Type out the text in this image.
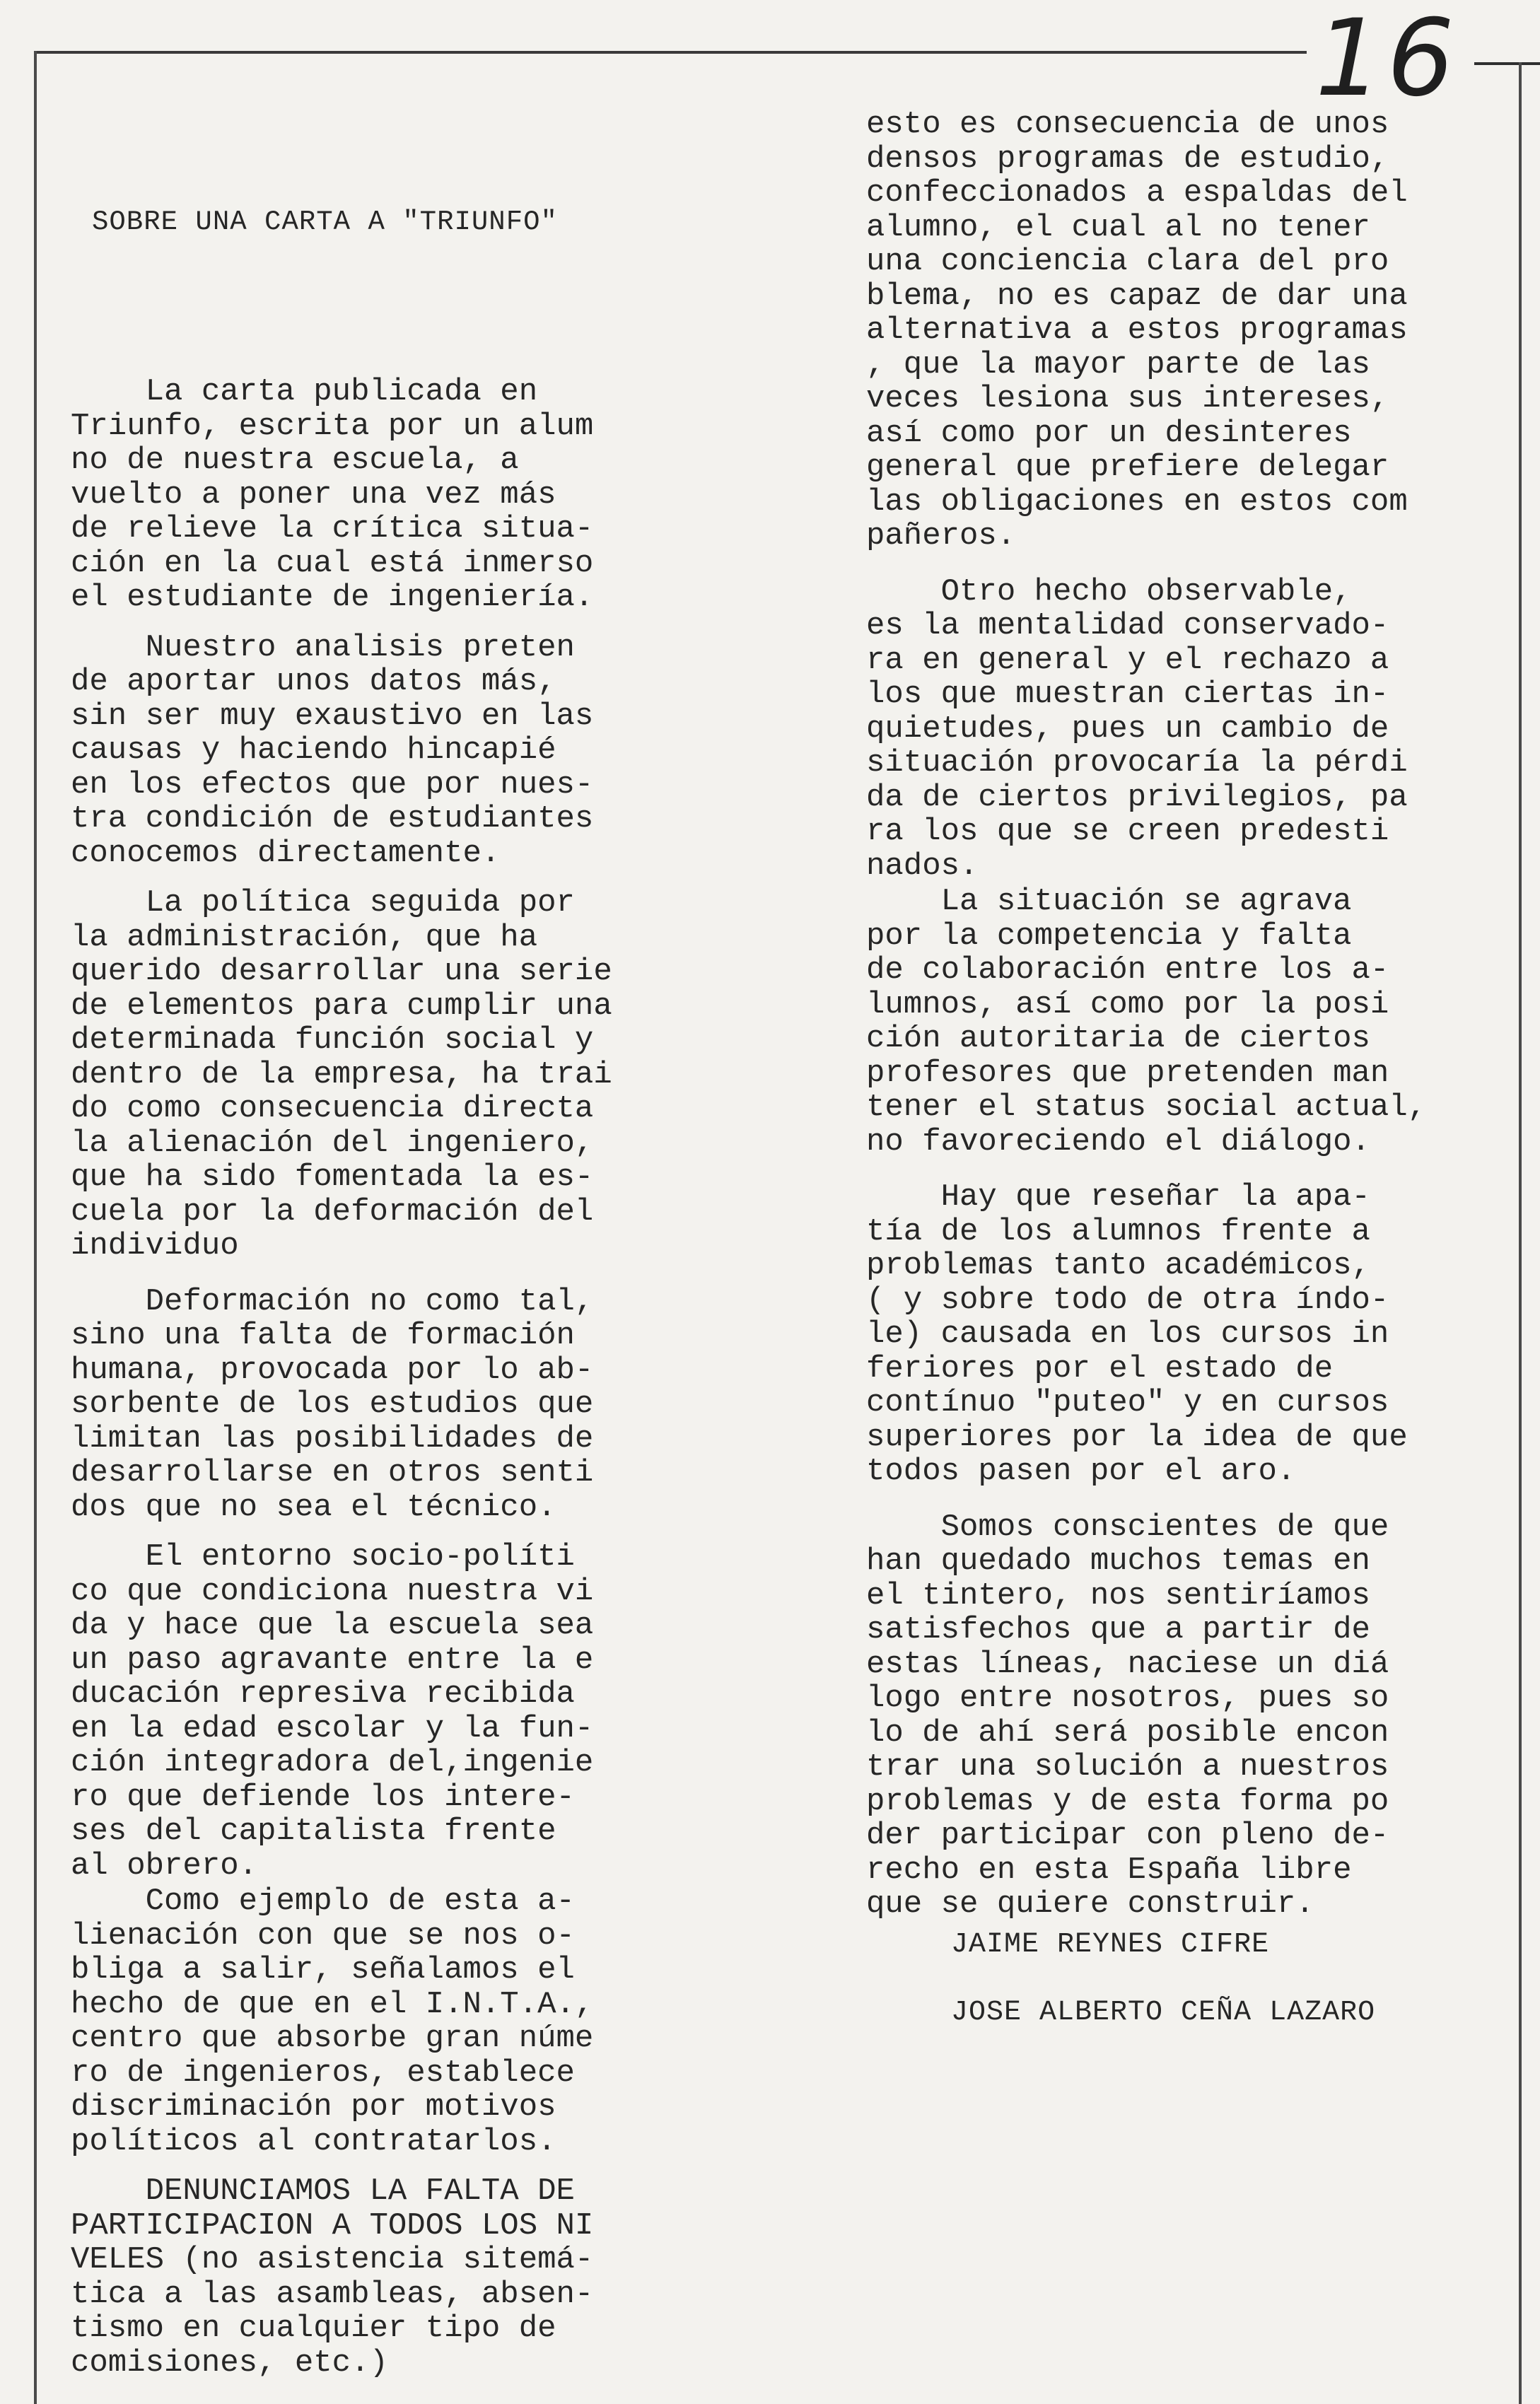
16
SOBRE UNA CARTA A "TRIUNFO"
La carta publicada en
Triunfo, escrita por un alum
no de nuestra escuela, a
vuelto a poner una vez más
de relieve la crítica situa-
ción en la cual está inmerso
el estudiante de ingeniería.
Nuestro analisis preten
de aportar unos datos más,
sin ser muy exaustivo en las
causas y haciendo hincapié
en los efectos que por nues-
tra condición de estudiantes
conocemos directamente.
La política seguida por
la administración, que ha
querido desarrollar una serie
de elementos para cumplir una
determinada función social y
dentro de la empresa, ha trai
do como consecuencia directa
la alienación del ingeniero,
que ha sido fomentada la es-
cuela por la deformación del
individuo
Deformación no como tal,
sino una falta de formación
humana, provocada por lo ab-
sorbente de los estudios que
limitan las posibilidades de
desarrollarse en otros senti
dos que no sea el técnico.
El entorno socio-políti
co que condiciona nuestra vi
da y hace que la escuela sea
un paso agravante entre la e
ducación represiva recibida
en la edad escolar y la fun-
ción integradora del,ingenie
ro que defiende los intere-
ses del capitalista frente
al obrero.
Como ejemplo de esta a-
lienación con que se nos o-
bliga a salir, señalamos el
hecho de que en el I.N.T.A.,
centro que absorbe gran núme
ro de ingenieros, establece
discriminación por motivos
políticos al contratarlos.
DENUNCIAMOS LA FALTA DE
PARTICIPACION A TODOS LOS NI
VELES (no asistencia sitemá-
tica a las asambleas, absen-
tismo en cualquier tipo de
comisiones, etc.)
esto es consecuencia de unos
densos programas de estudio,
confeccionados a espaldas del
alumno, el cual al no tener
una conciencia clara del pro
blema, no es capaz de dar una
alternativa a estos programas
, que la mayor parte de las
veces lesiona sus intereses,
así como por un desinteres
general que prefiere delegar
las obligaciones en estos com
pañeros.
Otro hecho observable,
es la mentalidad conservado-
ra en general y el rechazo a
los que muestran ciertas in-
quietudes, pues un cambio de
situación provocaría la pérdi
da de ciertos privilegios, pa
ra los que se creen predesti
nados.
La situación se agrava
por la competencia y falta
de colaboración entre los a-
lumnos, así como por la posi
ción autoritaria de ciertos
profesores que pretenden man
tener el status social actual,
no favoreciendo el diálogo.
Hay que reseñar la apa-
tía de los alumnos frente a
problemas tanto académicos,
( y sobre todo de otra índo-
le) causada en los cursos in
feriores por el estado de
contínuo "puteo" y en cursos
superiores por la idea de que
todos pasen por el aro.
Somos conscientes de que
han quedado muchos temas en
el tintero, nos sentiríamos
satisfechos que a partir de
estas líneas, naciese un diá
logo entre nosotros, pues so
lo de ahí será posible encon
trar una solución a nuestros
problemas y de esta forma po
der participar con pleno de-
recho en esta España libre
que se quiere construir.
JAIME REYNES CIFRE
JOSE ALBERTO CEÑA LAZARO
